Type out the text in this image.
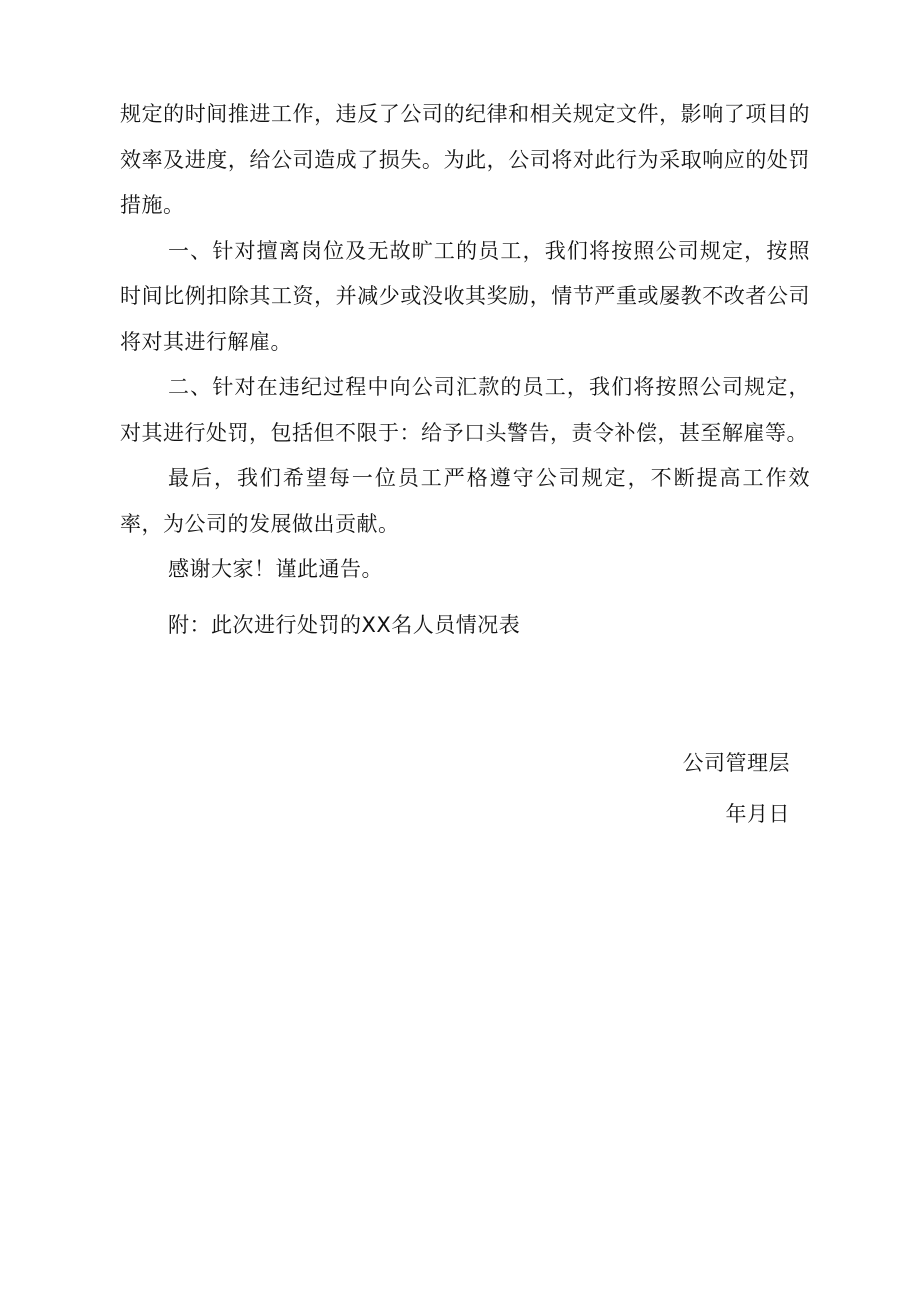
规定的时间推进工作，违反了公司的纪律和相关规定文件，影响了项目的效率及进度，给公司造成了损失。为此，公司将对此行为采取响应的处罚措施。

一、针对擅离岗位及无故旷工的员工，我们将按照公司规定，按照时间比例扣除其工资，并减少或没收其奖励，情节严重或屡教不改者公司将对其进行解雇。

二、针对在违纪过程中向公司汇款的员工，我们将按照公司规定，对其进行处罚，包括但不限于：给予口头警告，责令补偿，甚至解雇等。

最后，我们希望每一位员工严格遵守公司规定，不断提高工作效率，为公司的发展做出贡献。

感谢大家！谨此通告。

附：此次进行处罚的XX名人员情况表

公司管理层

年月日
